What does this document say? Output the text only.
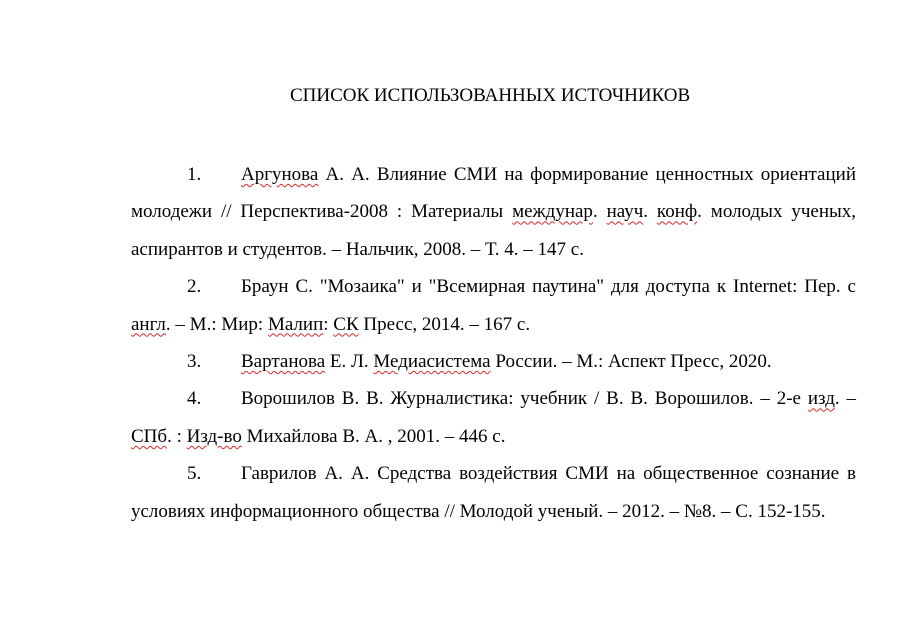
СПИСОК ИСПОЛЬЗОВАННЫХ ИСТОЧНИКОВ

1. Аргунова А. А. Влияние СМИ на формирование ценностных ориентаций молодежи // Перспектива-2008 : Материалы междунар. науч. конф. молодых ученых, аспирантов и студентов. – Нальчик, 2008. – Т. 4. – 147 с.

2. Браун С. "Мозаика" и "Всемирная паутина" для доступа к Internet: Пер. с англ. – М.: Мир: Малип: СК Пресс, 2014. – 167 с.

3. Вартанова Е. Л. Медиасистема России. – М.: Аспект Пресс, 2020.

4. Ворошилов В. В. Журналистика: учебник / В. В. Ворошилов. – 2-е изд. – СПб. : Изд-во Михайлова В. А. , 2001. – 446 с.

5. Гаврилов А. А. Средства воздействия СМИ на общественное сознание в условиях информационного общества // Молодой ученый. – 2012. – №8. – С. 152-155.
